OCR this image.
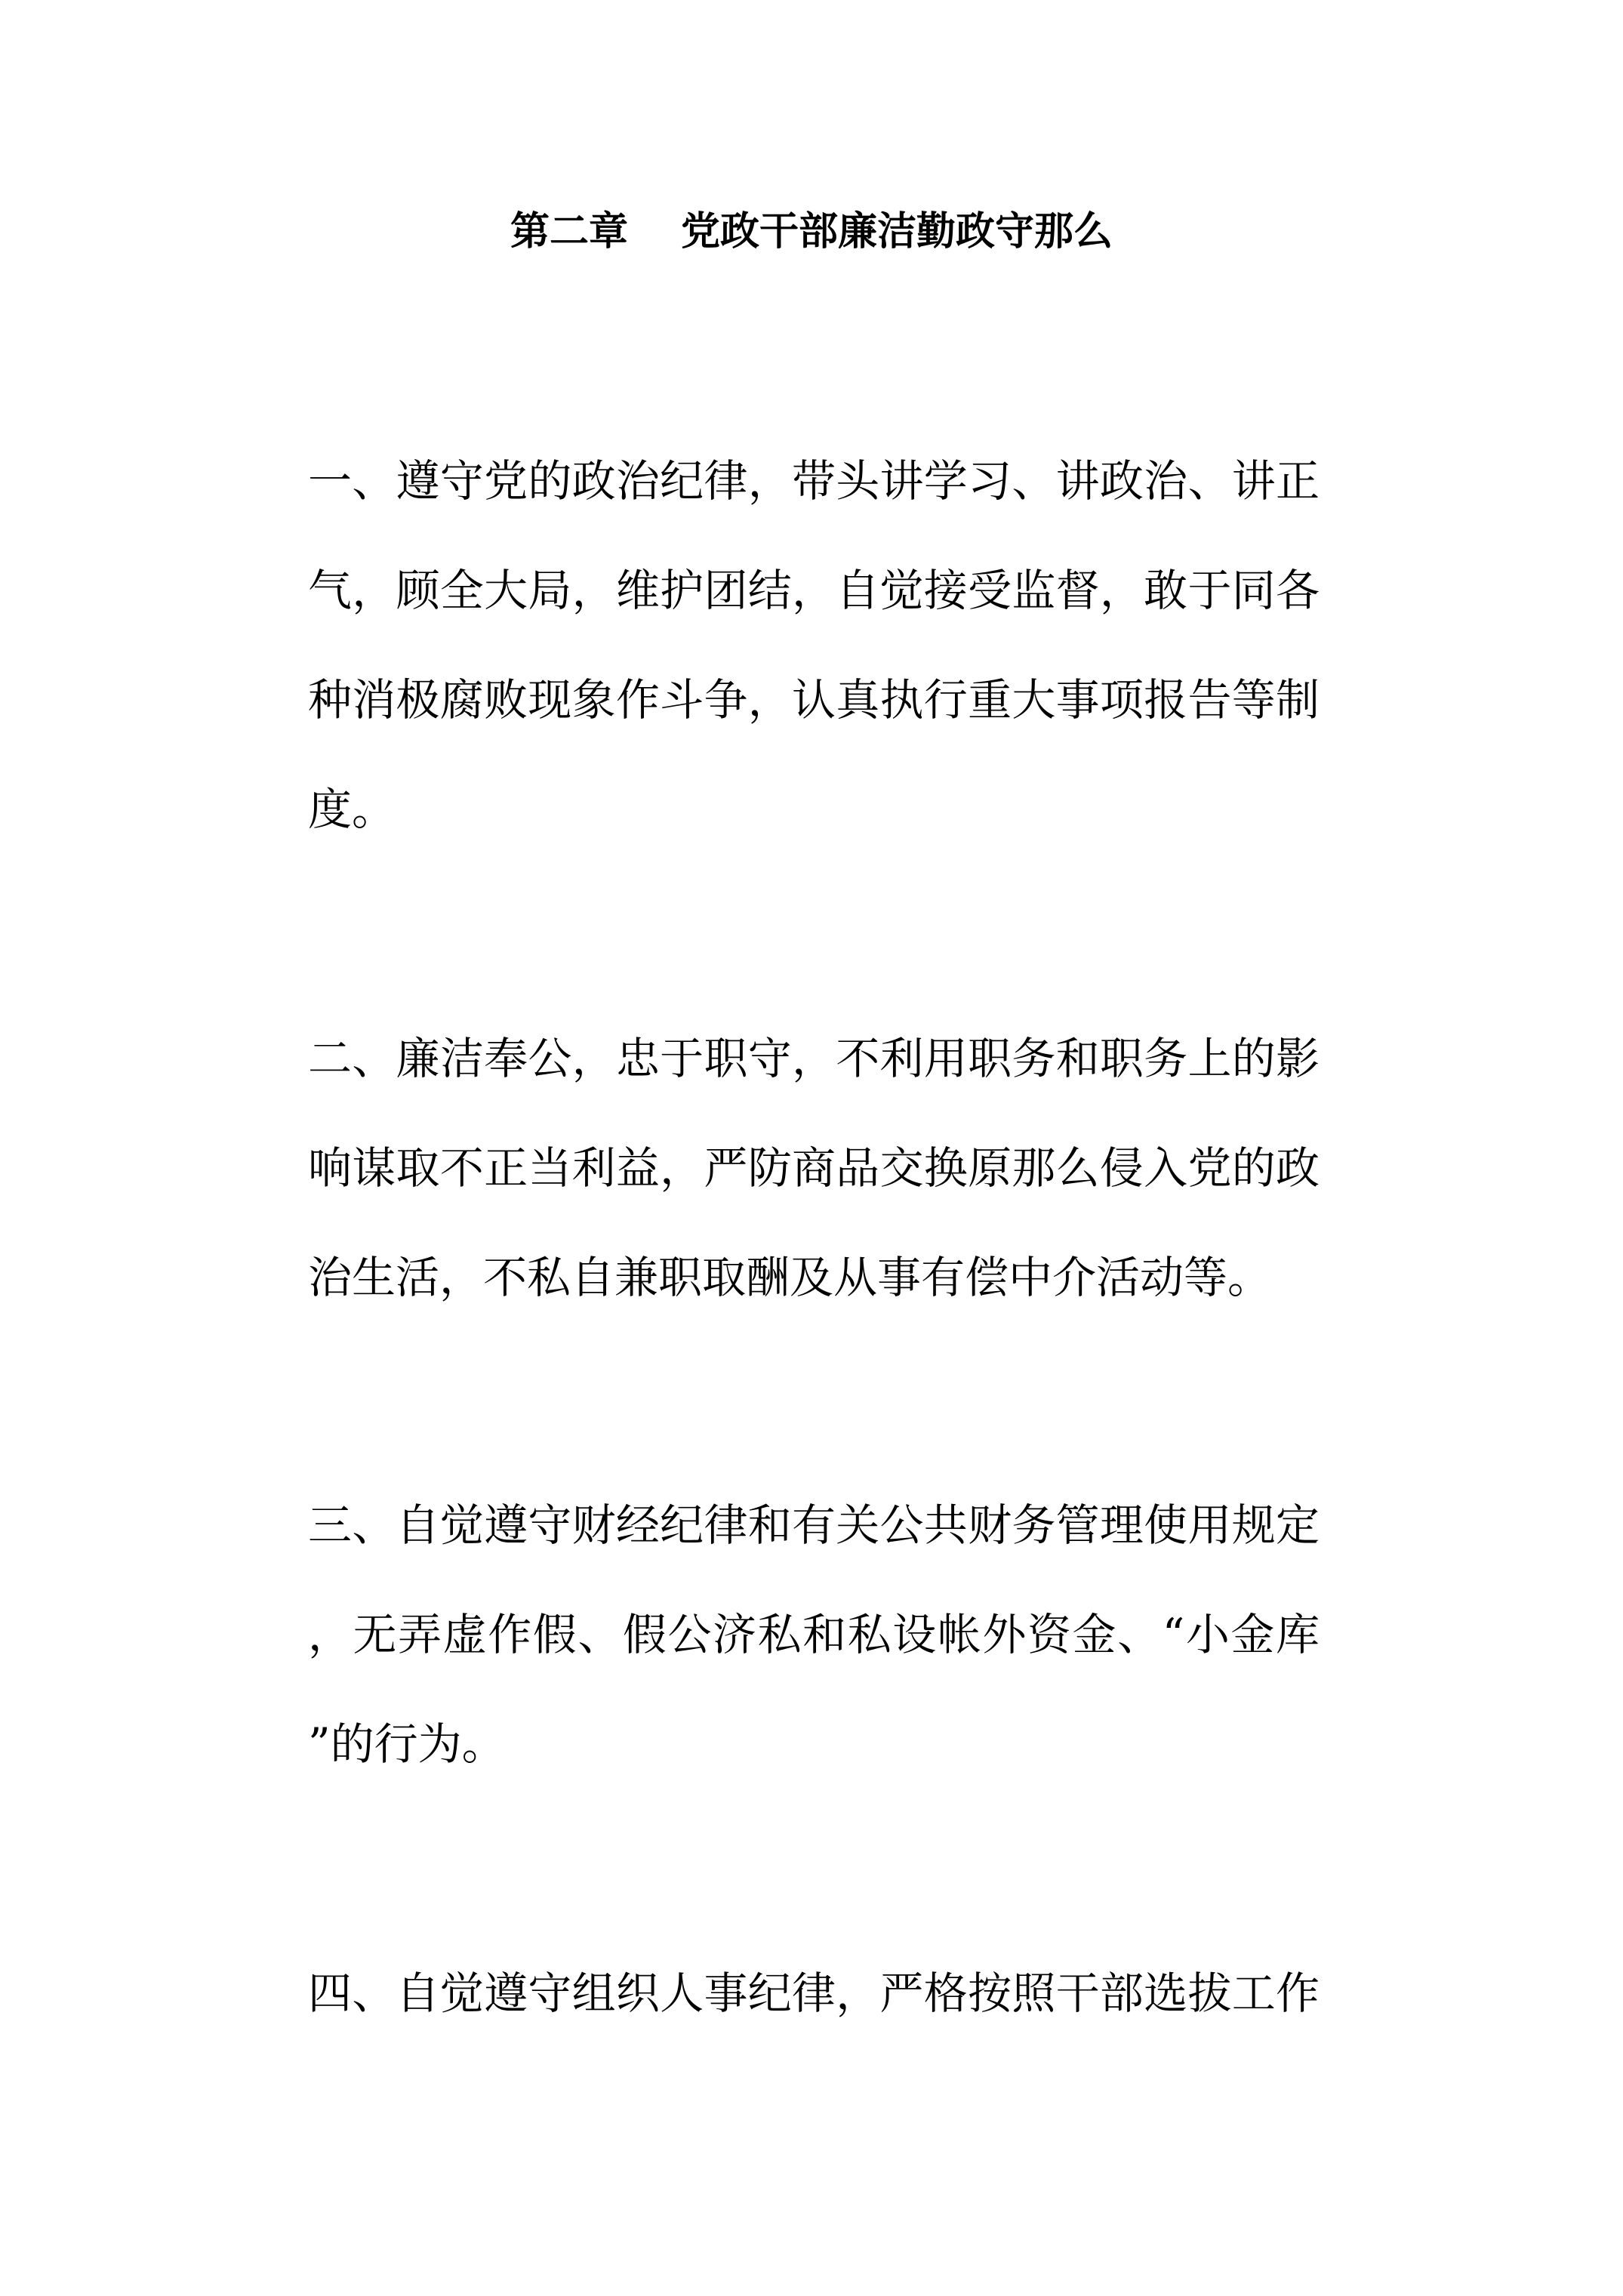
第二章 党政干部廉洁勤政守那么
一、遵守党的政治纪律，带头讲学习、讲政治、讲正
气，顾全大局，维护团结，自觉接受监督，敢于同各
种消极腐败现象作斗争，认真执行重大事项报告等制
度。
二、廉洁奉公，忠于职守，不利用职务和职务上的影
响谋取不正当利益，严防商品交换原那么侵入党的政
治生活，不私自兼职取酬及从事有偿中介活动等。
三、自觉遵守财经纪律和有关公共财务管理使用规定
，无弄虚作假、假公济私和私设帐外资金、“小金库
”的行为。
四、自觉遵守组织人事纪律，严格按照干部选拔工作
